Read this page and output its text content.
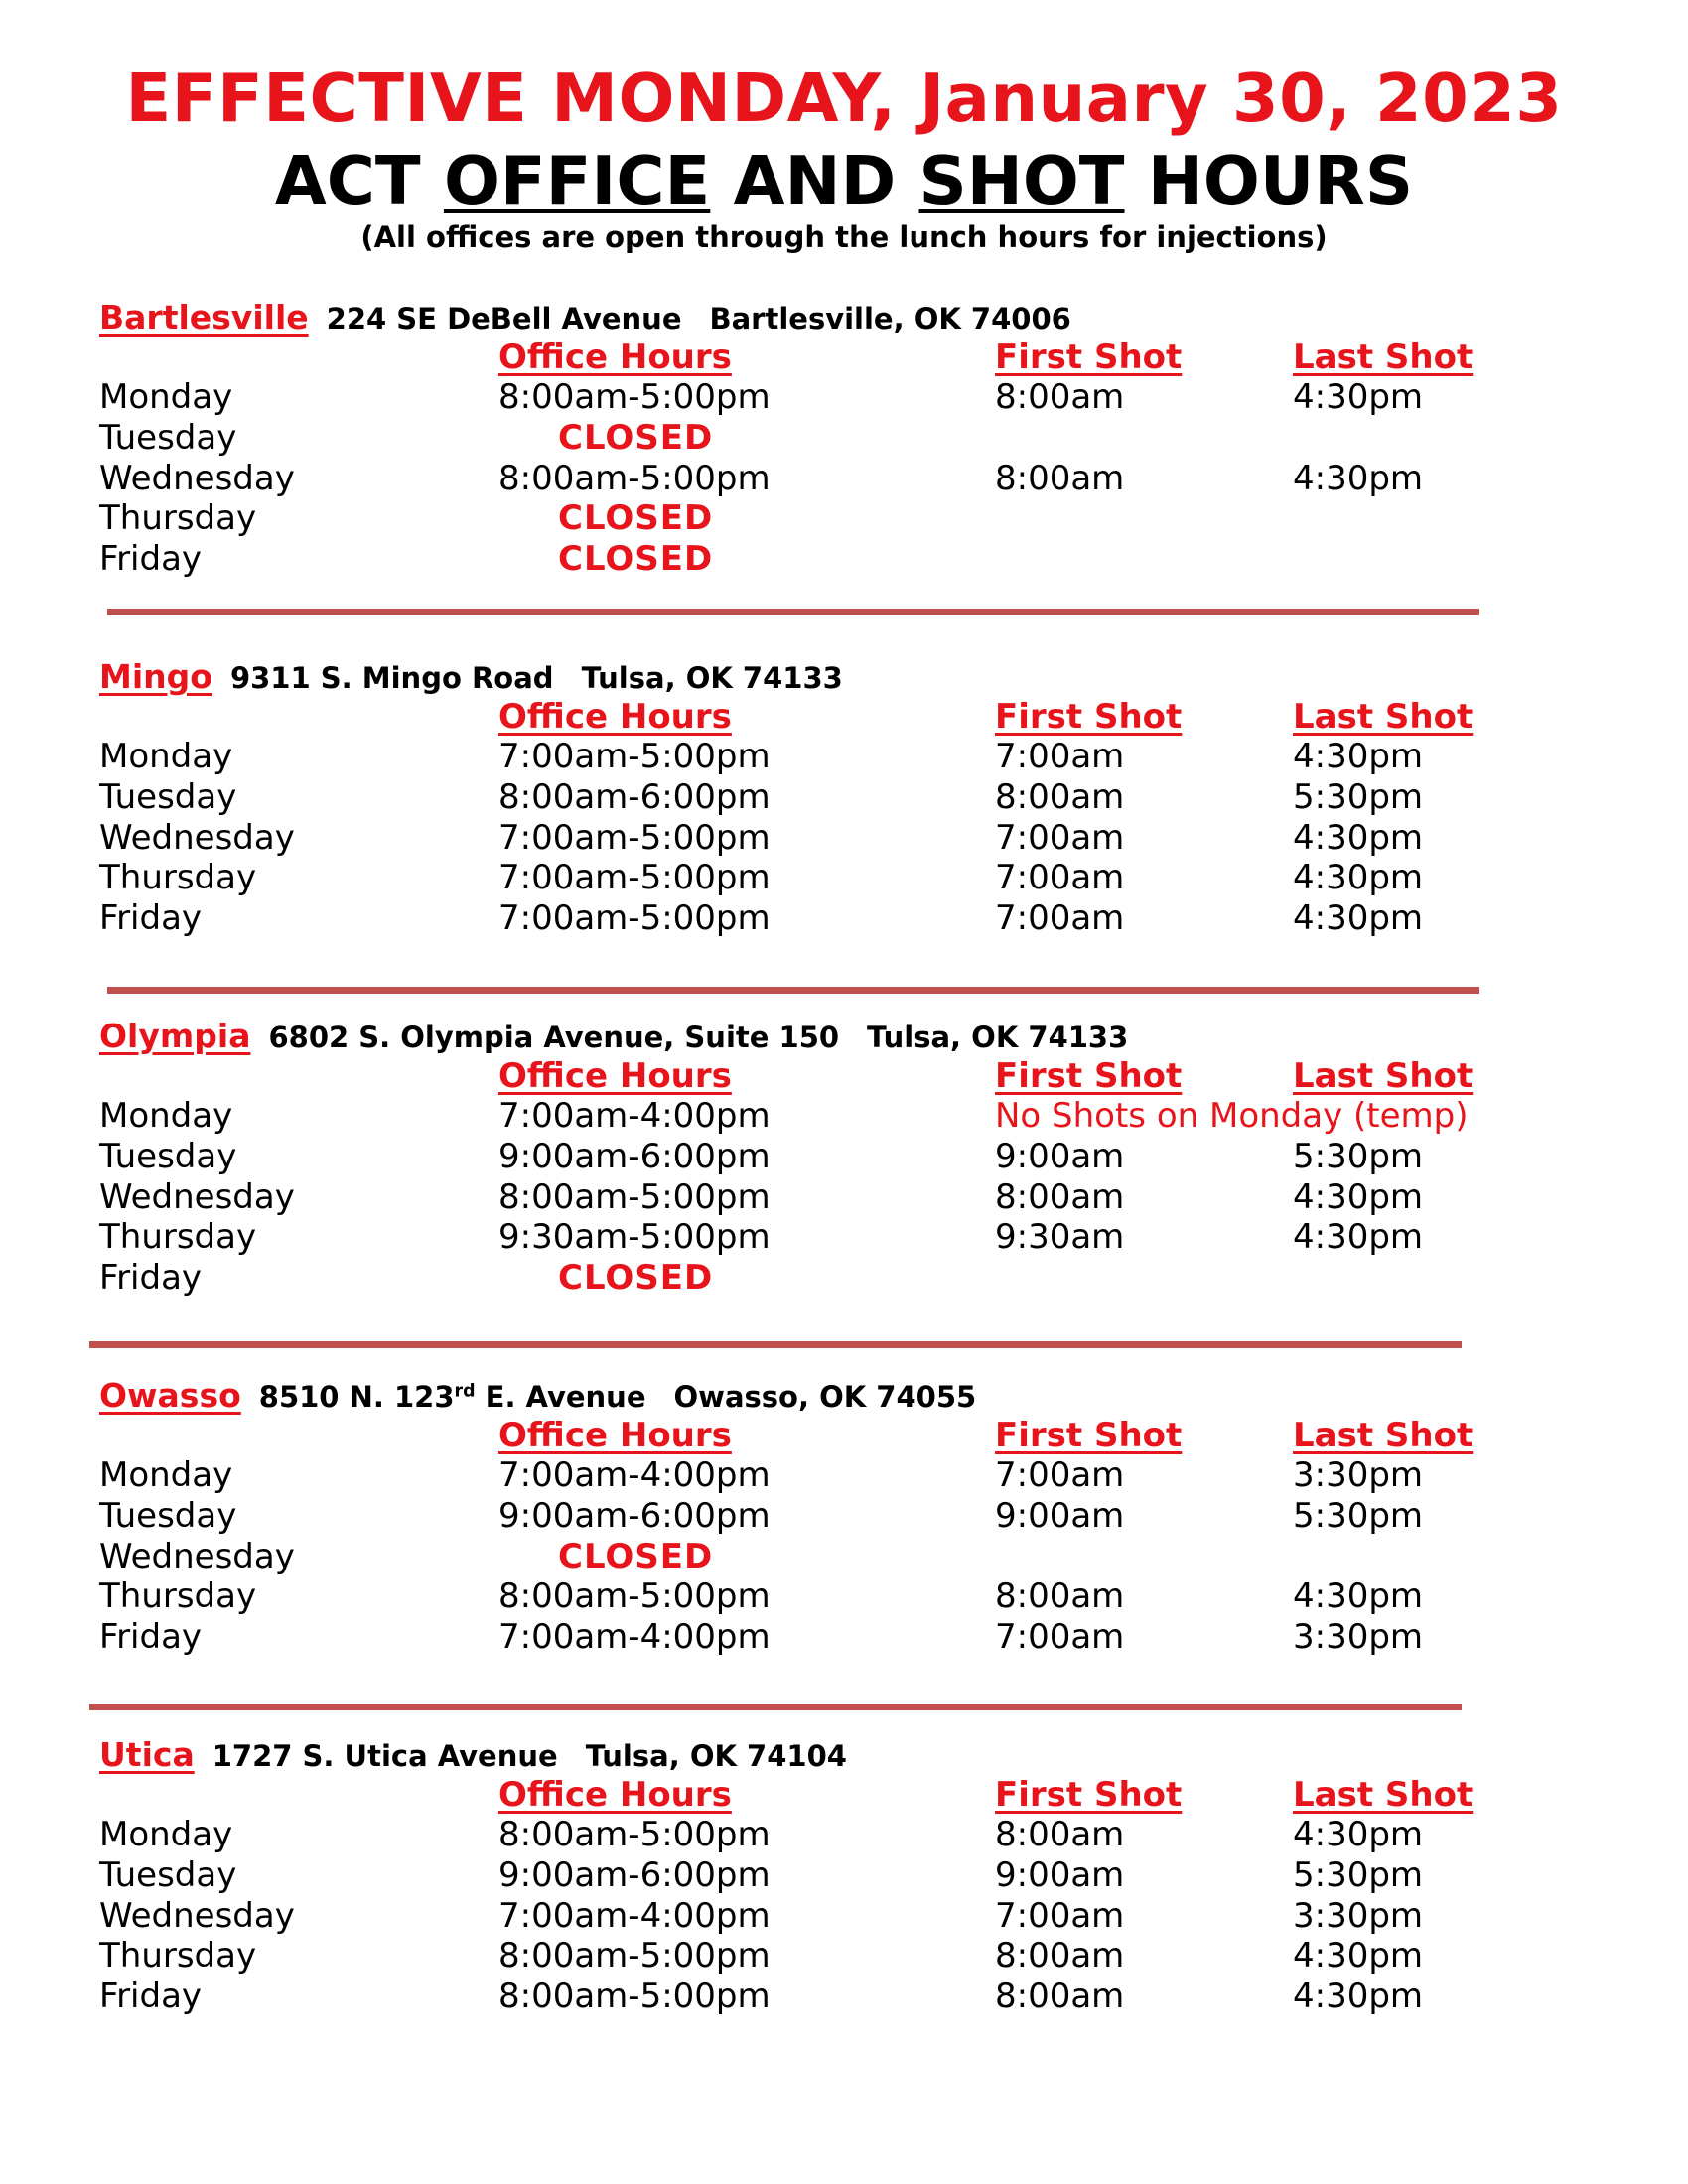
EFFECTIVE MONDAY, January 30, 2023
ACT OFFICE AND SHOT HOURS
(All offices are open through the lunch hours for injections)
Bartlesville 224 SE DeBell Avenue Bartlesville, OK 74006
Office Hours	First Shot	Last Shot
Monday	8:00am-5:00pm	8:00am	4:30pm
Tuesday	CLOSED
Wednesday	8:00am-5:00pm	8:00am	4:30pm
Thursday	CLOSED
Friday	CLOSED
Mingo 9311 S. Mingo Road Tulsa, OK 74133
Office Hours	First Shot	Last Shot
Monday	7:00am-5:00pm	7:00am	4:30pm
Tuesday	8:00am-6:00pm	8:00am	5:30pm
Wednesday	7:00am-5:00pm	7:00am	4:30pm
Thursday	7:00am-5:00pm	7:00am	4:30pm
Friday	7:00am-5:00pm	7:00am	4:30pm
Olympia 6802 S. Olympia Avenue, Suite 150 Tulsa, OK 74133
Office Hours	First Shot	Last Shot
Monday	7:00am-4:00pm	No Shots on Monday (temp)
Tuesday	9:00am-6:00pm	9:00am	5:30pm
Wednesday	8:00am-5:00pm	8:00am	4:30pm
Thursday	9:30am-5:00pm	9:30am	4:30pm
Friday	CLOSED
Owasso 8510 N. 123rd E. Avenue Owasso, OK 74055
Office Hours	First Shot	Last Shot
Monday	7:00am-4:00pm	7:00am	3:30pm
Tuesday	9:00am-6:00pm	9:00am	5:30pm
Wednesday	CLOSED
Thursday	8:00am-5:00pm	8:00am	4:30pm
Friday	7:00am-4:00pm	7:00am	3:30pm
Utica 1727 S. Utica Avenue Tulsa, OK 74104
Office Hours	First Shot	Last Shot
Monday	8:00am-5:00pm	8:00am	4:30pm
Tuesday	9:00am-6:00pm	9:00am	5:30pm
Wednesday	7:00am-4:00pm	7:00am	3:30pm
Thursday	8:00am-5:00pm	8:00am	4:30pm
Friday	8:00am-5:00pm	8:00am	4:30pm
